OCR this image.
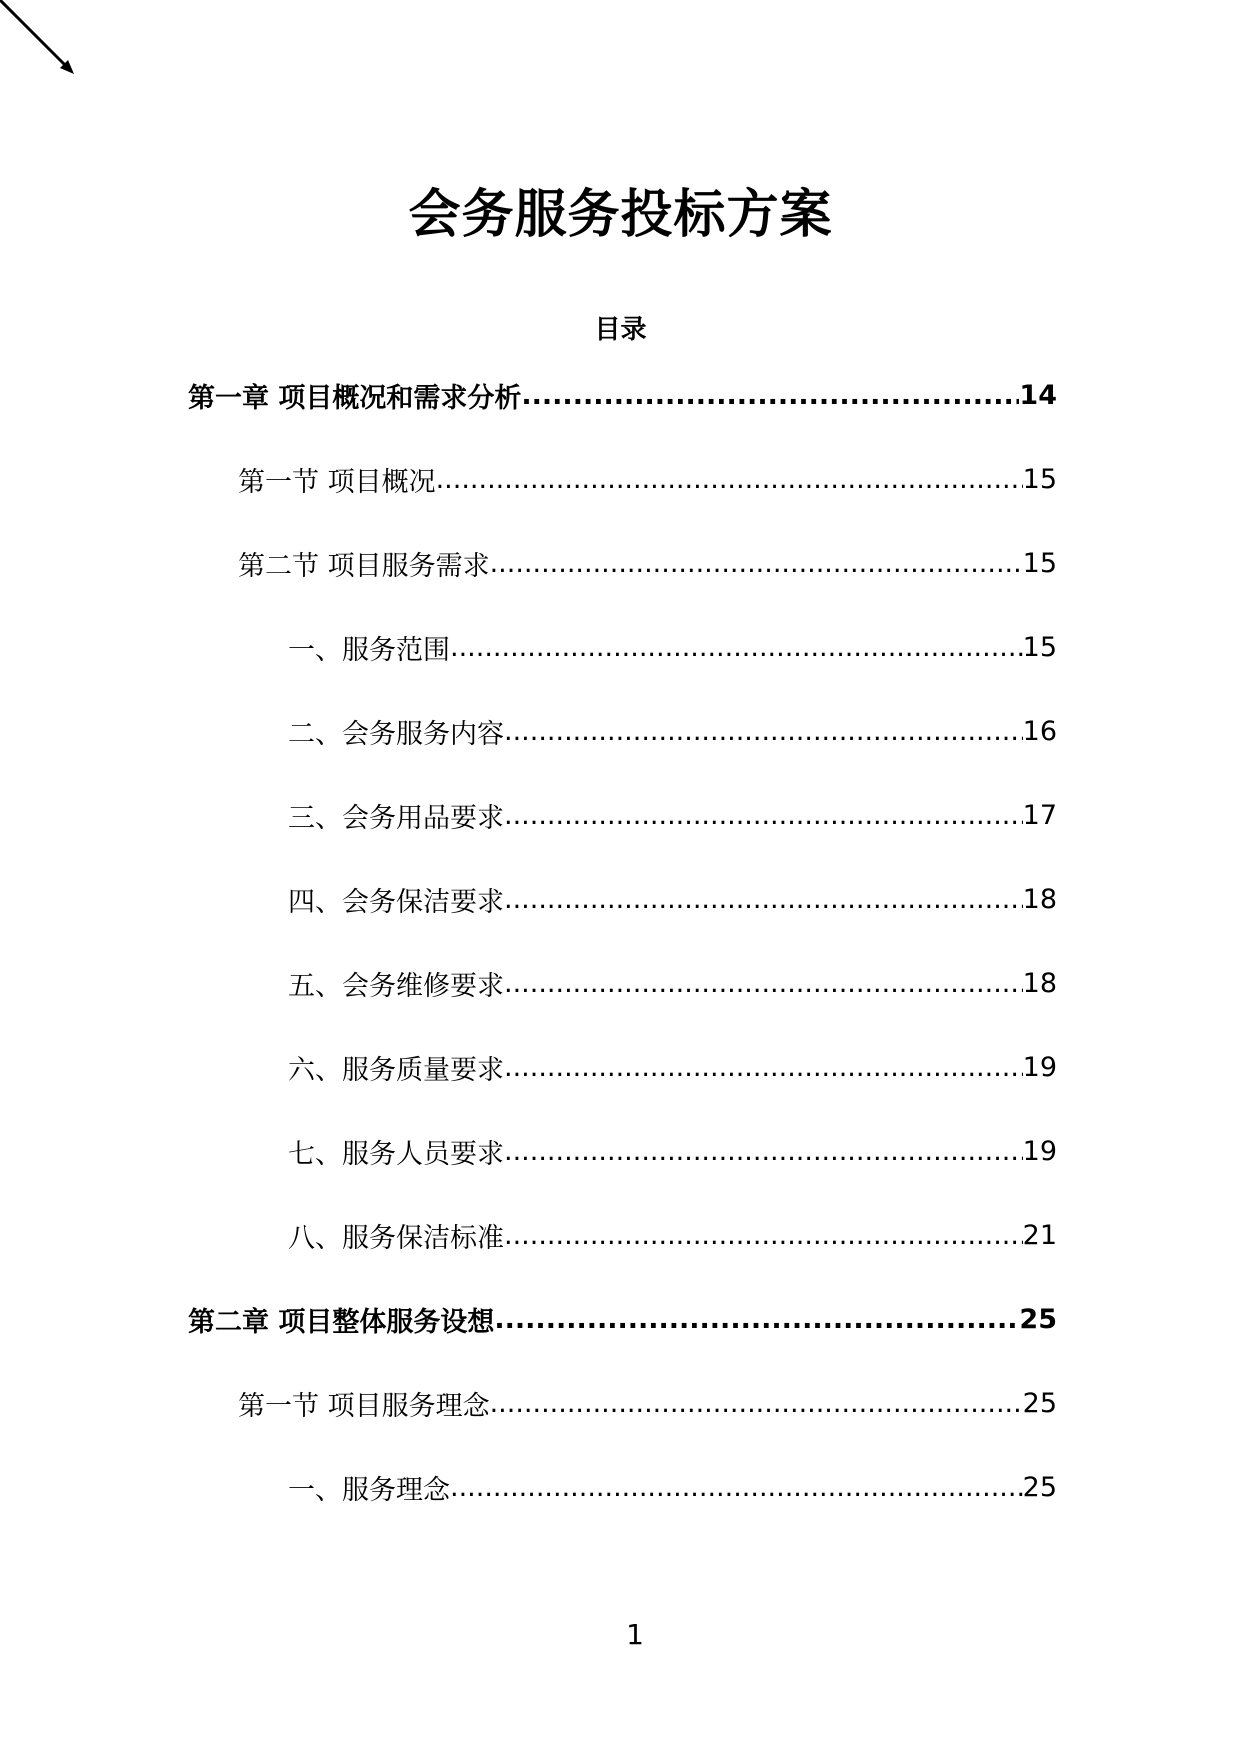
会务服务投标方案
目录
第一章 项目概况和需求分析 .....	14
第一节 项目概况 .....	15
第二节 项目服务需求 .....	15
一、服务范围 .....	15
二、会务服务内容 .....	16
三、会务用品要求 .....	17
四、会务保洁要求 .....	18
五、会务维修要求 .....	18
六、服务质量要求 .....	19
七、服务人员要求 .....	19
八、服务保洁标准 .....	21
第二章 项目整体服务设想 .....	25
第一节 项目服务理念 .....	25
一、服务理念 .....	25
1
